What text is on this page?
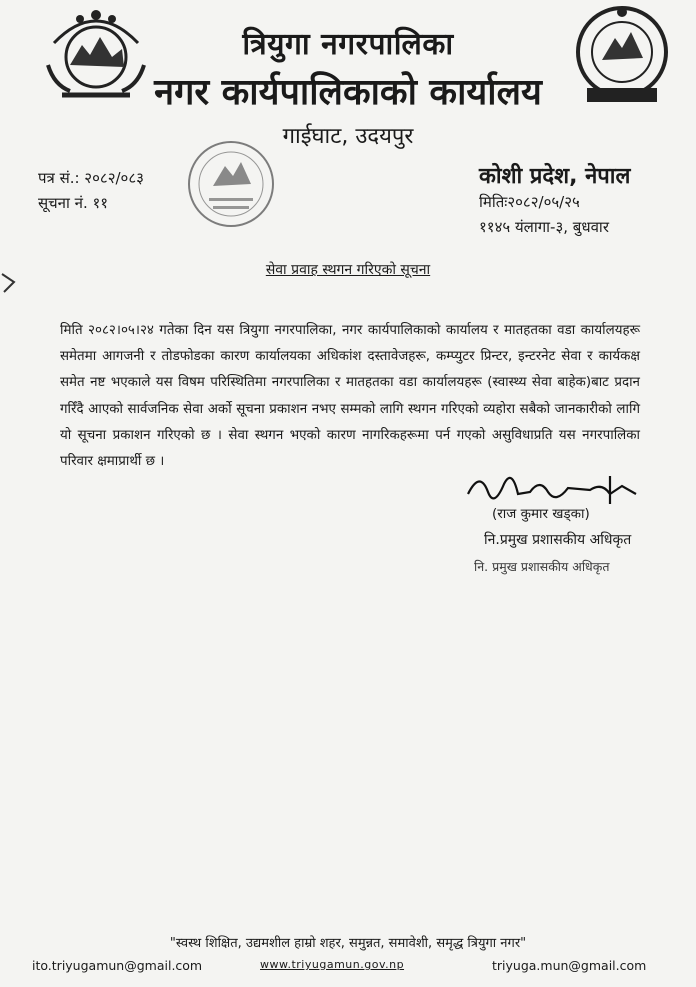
त्रियुगा नगरपालिका
नगर कार्यपालिकाको कार्यालय
गाईघाट, उदयपुर
पत्र सं.: २०८२/०८३
सूचना नं. ११
कोशी प्रदेश, नेपाल
मितिः२०८२/०५/२५
११४५ यंलागा-३, बुधवार
सेवा प्रवाह स्थगन गरिएको सूचना
मिति २०८२।०५।२४ गतेका दिन यस त्रियुगा नगरपालिका, नगर कार्यपालिकाको कार्यालय र मातहतका वडा कार्यालयहरू समेतमा आगजनी र तोडफोडका कारण कार्यालयका अधिकांश दस्तावेजहरू, कम्प्युटर प्रिन्टर, इन्टरनेट सेवा र कार्यकक्ष समेत नष्ट भएकाले यस विषम परिस्थितिमा नगरपालिका र मातहतका वडा कार्यालयहरू (स्वास्थ्य सेवा बाहेक)बाट प्रदान गरिँदै आएको सार्वजनिक सेवा अर्को सूचना प्रकाशन नभए सम्मको लागि स्थगन गरिएको व्यहोरा सबैको जानकारीको लागि यो सूचना प्रकाशन गरिएको छ । सेवा स्थगन भएको कारण नागरिकहरूमा पर्न गएको असुविधाप्रति यस नगरपालिका परिवार क्षमाप्रार्थी छ ।
(राज कुमार खड्का)
नि.प्रमुख प्रशासकीय अधिकृत
नि. प्रमुख प्रशासकीय अधिकृत
"स्वस्थ शिक्षित, उद्यमशील हाम्रो शहर, समुन्नत, समावेशी, समृद्ध त्रियुगा नगर"
ito.triyugamun@gmail.com	www.triyugamun.gov.np	triyuga.mun@gmail.com
